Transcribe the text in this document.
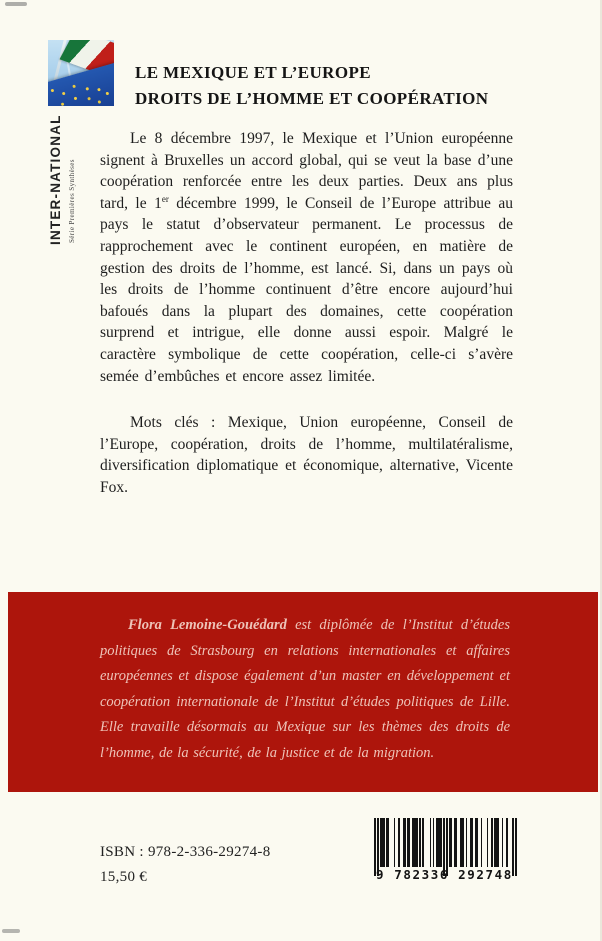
INTER-NATIONAL Série Premières Synthèses
LE MEXIQUE ET L’EUROPE
DROITS DE L’HOMME ET COOPÉRATION

Le 8 décembre 1997, le Mexique et l’Union européenne signent à Bruxelles un accord global, qui se veut la base d’une coopération renforcée entre les deux parties. Deux ans plus tard, le 1er décembre 1999, le Conseil de l’Europe attribue au pays le statut d’observateur permanent. Le processus de rapprochement avec le continent européen, en matière de gestion des droits de l’homme, est lancé. Si, dans un pays où les droits de l’homme continuent d’être encore aujourd’hui bafoués dans la plupart des domaines, cette coopération surprend et intrigue, elle donne aussi espoir. Malgré le caractère symbolique de cette coopération, celle-ci s’avère semée d’embûches et encore assez limitée.

Mots clés : Mexique, Union européenne, Conseil de l’Europe, coopération, droits de l’homme, multilatéralisme, diversification diplomatique et économique, alternative, Vicente Fox.

Flora Lemoine-Gouédard est diplômée de l’Institut d’études politiques de Strasbourg en relations internationales et affaires européennes et dispose également d’un master en développement et coopération internationale de l’Institut d’études politiques de Lille. Elle travaille désormais au Mexique sur les thèmes des droits de l’homme, de la sécurité, de la justice et de la migration.

ISBN : 978-2-336-29274-8
15,50 €	9 782336 292748
